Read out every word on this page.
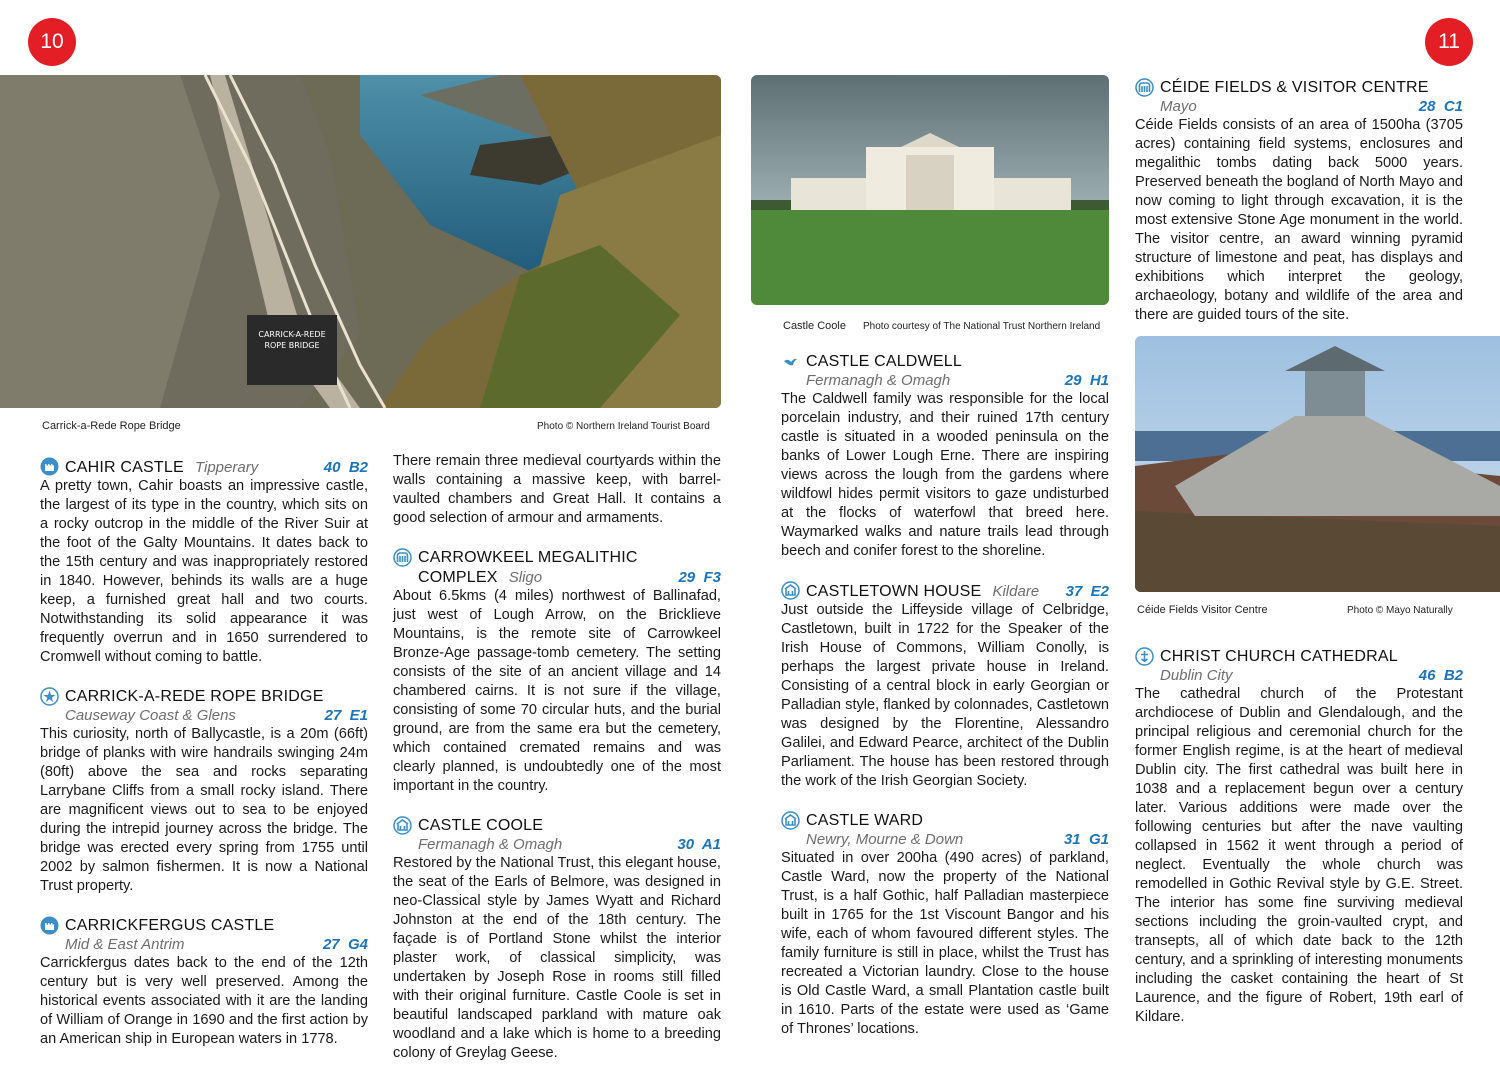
10	11
CARRICK-A-REDE
ROPE BRIDGE
Carrick-a-Rede Rope Bridge	Photo © Northern Ireland Tourist Board
Castle Coole Photo courtesy of The National Trust Northern Ireland
Céide Fields Visitor Centre	Photo © Mayo Naturally
CAHIR CASTLE Tipperary	40  B2

A pretty town, Cahir boasts an impressive castle, the largest of its type in the country, which sits on a rocky outcrop in the middle of the River Suir at the foot of the Galty Mountains. It dates back to the 15th century and was inappropriately restored in 1840. However, behinds its walls are a huge keep, a furnished great hall and two courts. Notwithstanding its solid appearance it was frequently overrun and in 1650 surrendered to Cromwell without coming to battle.

CARRICK-A-REDE ROPE BRIDGE
Causeway Coast & Glens	27  E1

This curiosity, north of Ballycastle, is a 20m (66ft) bridge of planks with wire handrails swinging 24m (80ft) above the sea and rocks separating Larrybane Cliffs from a small rocky island. There are magnificent views out to sea to be enjoyed during the intrepid journey across the bridge. The bridge was erected every spring from 1755 until 2002 by salmon fishermen. It is now a National Trust property.

CARRICKFERGUS CASTLE
Mid & East Antrim	27  G4

Carrickfergus dates back to the end of the 12th century but is very well preserved. Among the historical events associated with it are the landing of William of Orange in 1690 and the first action by an American ship in European waters in 1778.

There remain three medieval courtyards within the walls containing a massive keep, with barrel-vaulted chambers and Great Hall. It contains a good selection of armour and armaments.

CARROWKEEL MEGALITHIC
COMPLEX Sligo	29  F3

About 6.5kms (4 miles) northwest of Ballinafad, just west of Lough Arrow, on the Bricklieve Mountains, is the remote site of Carrowkeel Bronze-Age passage-tomb cemetery. The setting consists of the site of an ancient village and 14 chambered cairns. It is not sure if the village, consisting of some 70 circular huts, and the burial ground, are from the same era but the cemetery, which contained cremated remains and was clearly planned, is undoubtedly one of the most important in the country.

CASTLE COOLE
Fermanagh & Omagh	30  A1

Restored by the National Trust, this elegant house, the seat of the Earls of Belmore, was designed in neo-Classical style by James Wyatt and Richard Johnston at the end of the 18th century. The façade is of Portland Stone whilst the interior plaster work, of classical simplicity, was undertaken by Joseph Rose in rooms still filled with their original furniture. Castle Coole is set in beautiful landscaped parkland with mature oak woodland and a lake which is home to a breeding colony of Greylag Geese.

CASTLE CALDWELL
Fermanagh & Omagh	29  H1

The Caldwell family was responsible for the local porcelain industry, and their ruined 17th century castle is situated in a wooded peninsula on the banks of Lower Lough Erne. There are inspiring views across the lough from the gardens where wildfowl hides permit visitors to gaze undisturbed at the flocks of waterfowl that breed here. Waymarked walks and nature trails lead through beech and conifer forest to the shoreline.

CASTLETOWN HOUSE Kildare 37  E2

Just outside the Liffeyside village of Celbridge, Castletown, built in 1722 for the Speaker of the Irish House of Commons, William Conolly, is perhaps the largest private house in Ireland. Consisting of a central block in early Georgian or Palladian style, flanked by colonnades, Castletown was designed by the Florentine, Alessandro Galilei, and Edward Pearce, architect of the Dublin Parliament. The house has been restored through the work of the Irish Georgian Society.

CASTLE WARD
Newry, Mourne & Down	31  G1

Situated in over 200ha (490 acres) of parkland, Castle Ward, now the property of the National Trust, is a half Gothic, half Palladian masterpiece built in 1765 for the 1st Viscount Bangor and his wife, each of whom favoured different styles. The family furniture is still in place, whilst the Trust has recreated a Victorian laundry. Close to the house is Old Castle Ward, a small Plantation castle built in 1610. Parts of the estate were used as ‘Game of Thrones’ locations.

CÉIDE FIELDS & VISITOR CENTRE
Mayo	28  C1

Céide Fields consists of an area of 1500ha (3705 acres) containing field systems, enclosures and megalithic tombs dating back 5000 years. Preserved beneath the bogland of North Mayo and now coming to light through excavation, it is the most extensive Stone Age monument in the world. The visitor centre, an award winning pyramid structure of limestone and peat, has displays and exhibitions which interpret the geology, archaeology, botany and wildlife of the area and there are guided tours of the site.

CHRIST CHURCH CATHEDRAL
Dublin City	46  B2

The cathedral church of the Protestant archdiocese of Dublin and Glendalough, and the principal religious and ceremonial church for the former English regime, is at the heart of medieval Dublin city. The first cathedral was built here in 1038 and a replacement begun over a century later. Various additions were made over the following centuries but after the nave vaulting collapsed in 1562 it went through a period of neglect. Eventually the whole church was remodelled in Gothic Revival style by G.E. Street. The interior has some fine surviving medieval sections including the groin-vaulted crypt, and transepts, all of which date back to the 12th century, and a sprinkling of interesting monuments including the casket containing the heart of St Laurence, and the figure of Robert, 19th earl of Kildare.
